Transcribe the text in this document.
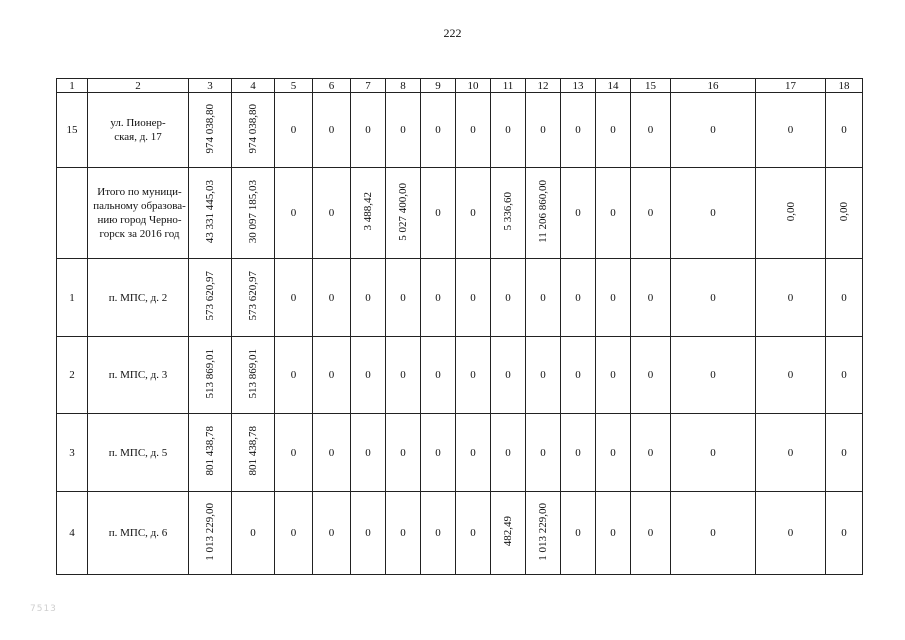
222
1	2	3	4	5	6	7	8	9	10	11	12	13	14	15	16	17	18
15	ул. Пионер-
ская, д. 17	974 038,80	974 038,80	0	0	0	0	0	0	0	0	0	0	0	0	0	0

	Итого по муници-
пальному образова-
нию город Черно-
горск за 2016 год	43 331 445,03	30 097 185,03	0	0	3 488,42	5 027 400,00	0	0	5 336,60	11 206 860,00	0	0	0	0	0,00	0,00
1	п. МПС, д. 2	573 620,97	573 620,97	0	0	0	0	0	0	0	0	0	0	0	0	0	0
2	п. МПС, д. 3	513 869,01	513 869,01	0	0	0	0	0	0	0	0	0	0	0	0	0	0
3	п. МПС, д. 5	801 438,78	801 438,78	0	0	0	0	0	0	0	0	0	0	0	0	0	0
4	п. МПС, д. 6	1 013 229,00	0	0	0	0	0	0	0	482,49	1 013 229,00	0	0	0	0	0	0
7513
